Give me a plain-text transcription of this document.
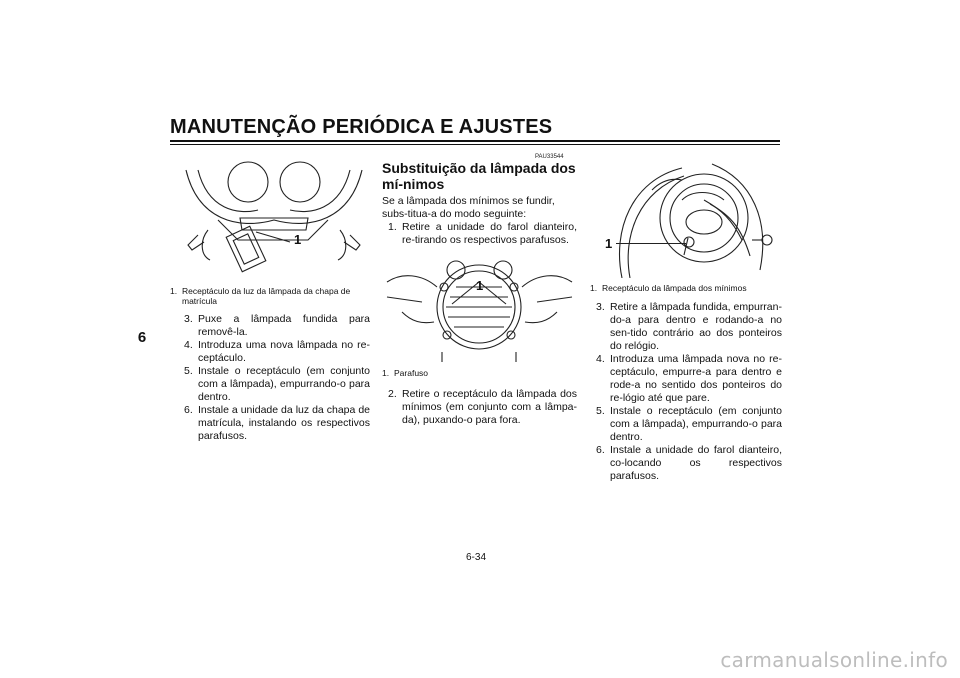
MANUTENÇÃO PERIÓDICA E AJUSTES
6
1
1. Receptáculo da luz da lâmpada da chapa de
matrícula
3. Puxe a lâmpada fundida para removê-la.
4. Introduza uma nova lâmpada no re-ceptáculo.
5. Instale o receptáculo (em conjunto com a lâmpada), empurrando-o para dentro.
6. Instale a unidade da luz da chapa de matrícula, instalando os respectivos parafusos.
PAU33544
Substituição da lâmpada dos mí-nimos
Se a lâmpada dos mínimos se fundir, subs-titua-a do modo seguinte:
1. Retire a unidade do farol dianteiro, re-tirando os respectivos parafusos.
1
1. Parafuso
2. Retire o receptáculo da lâmpada dos mínimos (em conjunto com a lâmpa-da), puxando-o para fora.
1
1. Receptáculo da lâmpada dos mínimos
3. Retire a lâmpada fundida, empurran-do-a para dentro e rodando-a no sen-tido contrário ao dos ponteiros do relógio.
4. Introduza uma lâmpada nova no re-ceptáculo, empurre-a para dentro e rode-a no sentido dos ponteiros do re-lógio até que pare.
5. Instale o receptáculo (em conjunto com a lâmpada), empurrando-o para dentro.
6. Instale a unidade do farol dianteiro, co-locando os respectivos parafusos.
6-34
carmanualsonline.info
